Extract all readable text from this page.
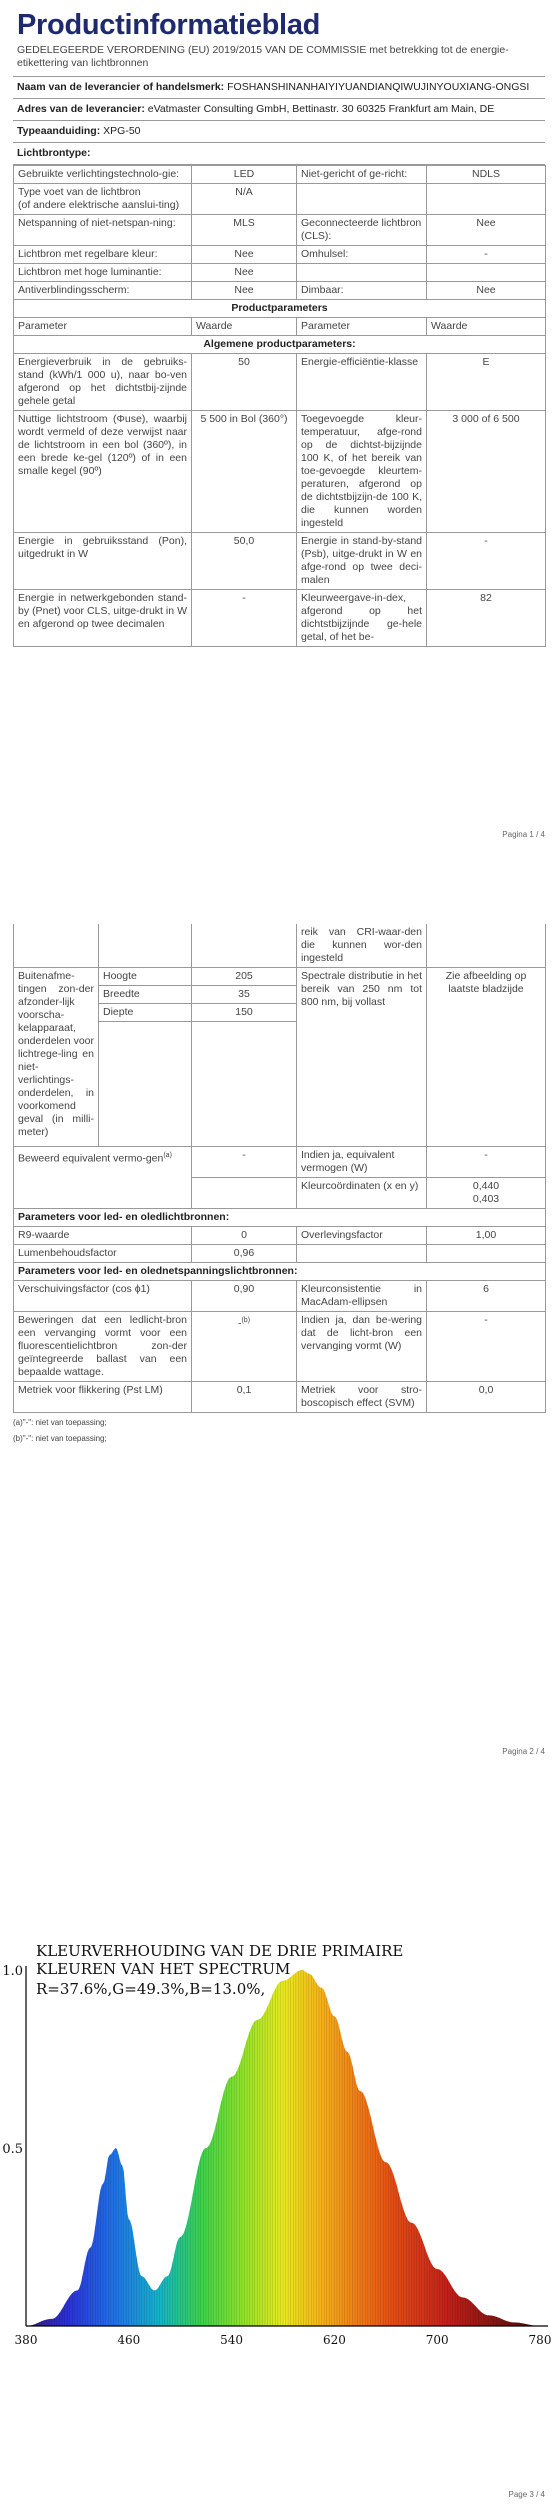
Productinformatieblad
GEDELEGEERDE VERORDENING (EU) 2019/2015 VAN DE COMMISSIE met betrekking tot de energie-etikettering van lichtbronnen
Naam van de leverancier of handelsmerk: FOSHANSHINANHAIYIYUANDIANQIWUJINYOUXIANG-ONGSI
Adres van de leverancier: eVatmaster Consulting GmbH, Bettinastr. 30 60325 Frankfurt am Main, DE
Typeaanduiding: XPG-50
Lichtbrontype:
Gebruikte verlichtingstechnolo-gie:	LED	Niet-gericht of ge-richt:	NDLS

Type voet van de lichtbron
(of andere elektrische aanslui-ting)	N/A		
Netspanning of niet-netspan-ning:	MLS	Geconnecteerde lichtbron (CLS):	Nee
Lichtbron met regelbare kleur:	Nee	Omhulsel:	-
Lichtbron met hoge luminantie:	Nee		
Antiverblindingsscherm:	Nee	Dimbaar:	Nee
Productparameters			
Parameter	Waarde	Parameter	Waarde
Algemene productparameters:			
Energieverbruik in de gebruiks-stand (kWh/1 000 u), naar bo-ven afgerond op het dichtstbij-zijnde gehele getal	50	Energie-efficiëntie-klasse	E
Nuttige lichtstroom (Φuse), waarbij wordt vermeld of deze verwijst naar de lichtstroom in een bol (360º), in een brede ke-gel (120º) of in een smalle kegel (90º)	5 500 in Bol (360°)	Toegevoegde kleur-temperatuur, afge-rond op de dichtst-bijzijnde 100 K, of het bereik van toe-gevoegde kleurtem-peraturen, afgerond op de dichtstbijzijn-de 100 K, die kunnen worden ingesteld	3 000 of 6 500
Energie in gebruiksstand (Pon), uitgedrukt in W	50,0	Energie in stand-by-stand (Psb), uitge-drukt in W en afge-rond op twee deci-malen	-
Energie in netwerkgebonden stand-by (Pnet) voor CLS, uitge-drukt in W en afgerond op twee decimalen	-	Kleurweergave-in-dex, afgerond op het dichtstbijzijnde ge-hele getal, of het be-	82
Pagina 1 / 4
			reik van CRI-waar-den die kunnen wor-den ingesteld	
Buitenafme-tingen zon-der afzonder-lijk voorscha-kelapparaat, onderdelen voor lichtrege-ling en niet-verlichtings-onderdelen, in voorkomend geval (in milli-meter)	Hoogte	205	Spectrale distributie in het bereik van 250 nm tot 800 nm, bij vollast	Zie afbeelding op laatste bladzijde
	Breedte	35		
	Diepte	150		

Beweerd equivalent vermo-gen$^{(a)}$		-	Indien ja, equivalent vermogen (W)	-
			Kleurcoördinaten (x en y)	0,440
0,403

Parameters voor led- en oledlichtbronnen:				
R9-waarde		0	Overlevingsfactor	1,00
Lumenbehoudsfactor		0,96		
Parameters voor led- en olednetspanningslichtbronnen:				
Verschuivingsfactor (cos ϕ1)		0,90	Kleurconsistentie in MacAdam-ellipsen	6
Beweringen dat een ledlicht-bron een vervanging vormt voor een fluorescentielichtbron zon-der geïntegreerde ballast van een bepaalde wattage.		-$^{(b)}$	Indien ja, dan be-wering dat de licht-bron een vervanging vormt (W)	-
Metriek voor flikkering (Pst LM)		0,1	Metriek voor stro-boscopisch effect (SVM)	0,0
(a)"-": niet van toepassing;
(b)"-": niet van toepassing;
Pagina 2 / 4
KLEURVERHOUDING VAN DE DRIE PRIMAIRE
KLEUREN VAN HET SPECTRUM
R=37.6%,G=49.3%,B=13.0%,
380	460	540	620	700	780
1.0
0.5
Page 3 / 4
